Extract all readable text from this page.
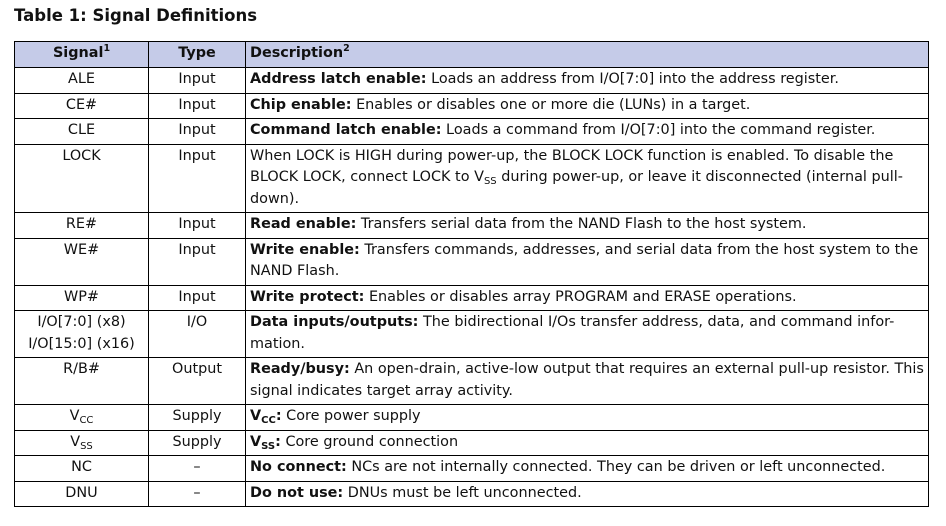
Table 1: Signal Definitions
Signal$^1$	Type	Description$^2$
ALE	Input	Address latch enable: Loads an address from I/O[7:0] into the address register.
CE#	Input	Chip enable: Enables or disables one or more die (LUNs) in a target.
CLE	Input	Command latch enable: Loads a command from I/O[7:0] into the command register.
LOCK	Input	When LOCK is HIGH during power-up, the BLOCK LOCK function is enabled. To disable the BLOCK LOCK, connect LOCK to $V_{SS}$ during power-up, or leave it disconnected (internal pull-down).
RE#	Input	Read enable: Transfers serial data from the NAND Flash to the host system.
WE#	Input	Write enable: Transfers commands, addresses, and serial data from the host system to the NAND Flash.
WP#	Input	Write protect: Enables or disables array PROGRAM and ERASE operations.
I/O[7:0] (x8)
I/O[15:0] (x16)	I/O	Data inputs/outputs: The bidirectional I/Os transfer address, data, and command infor-mation.
R/B#	Output	Ready/busy: An open-drain, active-low output that requires an external pull-up resistor. This signal indicates target array activity.
$V_{CC}$	Supply	$V_{CC}$: Core power supply
$V_{SS}$	Supply	$V_{SS}$: Core ground connection
NC	–	No connect: NCs are not internally connected. They can be driven or left unconnected.
DNU	–	Do not use: DNUs must be left unconnected.
